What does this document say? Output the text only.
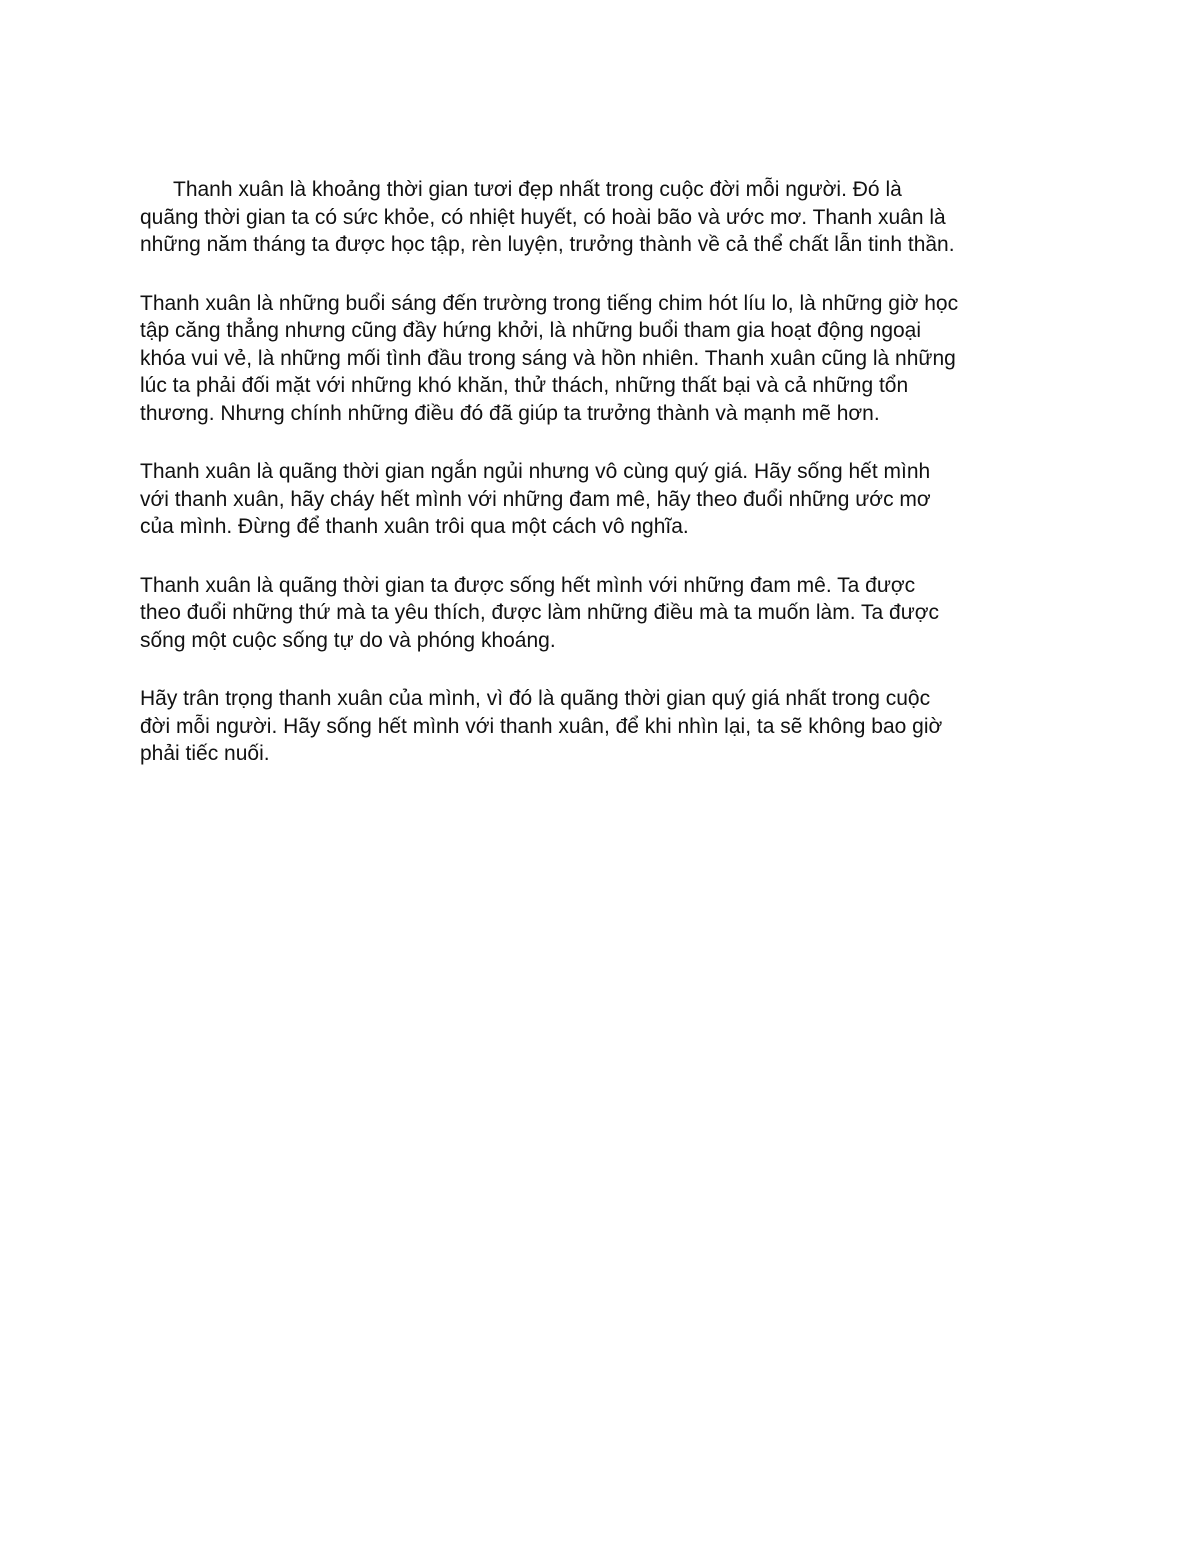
Thanh xuân là khoảng thời gian tươi đẹp nhất trong cuộc đời mỗi người. Đó là
quãng thời gian ta có sức khỏe, có nhiệt huyết, có hoài bão và ước mơ. Thanh xuân là
những năm tháng ta được học tập, rèn luyện, trưởng thành về cả thể chất lẫn tinh thần.

Thanh xuân là những buổi sáng đến trường trong tiếng chim hót líu lo, là những giờ học
tập căng thẳng nhưng cũng đầy hứng khởi, là những buổi tham gia hoạt động ngoại
khóa vui vẻ, là những mối tình đầu trong sáng và hồn nhiên. Thanh xuân cũng là những
lúc ta phải đối mặt với những khó khăn, thử thách, những thất bại và cả những tổn
thương. Nhưng chính những điều đó đã giúp ta trưởng thành và mạnh mẽ hơn.

Thanh xuân là quãng thời gian ngắn ngủi nhưng vô cùng quý giá. Hãy sống hết mình
với thanh xuân, hãy cháy hết mình với những đam mê, hãy theo đuổi những ước mơ
của mình. Đừng để thanh xuân trôi qua một cách vô nghĩa.

Thanh xuân là quãng thời gian ta được sống hết mình với những đam mê. Ta được
theo đuổi những thứ mà ta yêu thích, được làm những điều mà ta muốn làm. Ta được
sống một cuộc sống tự do và phóng khoáng.

Hãy trân trọng thanh xuân của mình, vì đó là quãng thời gian quý giá nhất trong cuộc
đời mỗi người. Hãy sống hết mình với thanh xuân, để khi nhìn lại, ta sẽ không bao giờ
phải tiếc nuối.
